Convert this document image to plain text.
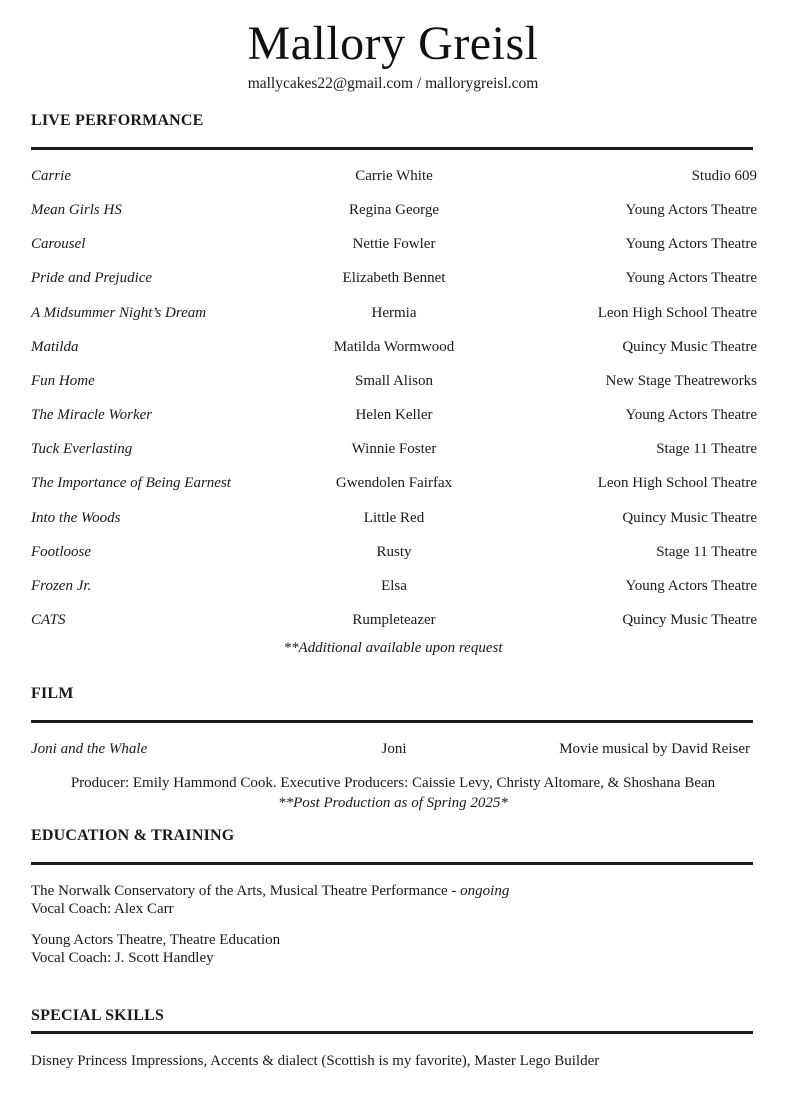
Mallory Greisl
mallycakes22@gmail.com / mallorygreisl.com
LIVE PERFORMANCE
Carrie	Carrie White	Studio 609
Mean Girls HS	Regina George	Young Actors Theatre
Carousel	Nettie Fowler	Young Actors Theatre
Pride and Prejudice	Elizabeth Bennet	Young Actors Theatre
A Midsummer Night’s Dream	Hermia	Leon High School Theatre
Matilda	Matilda Wormwood	Quincy Music Theatre
Fun Home	Small Alison	New Stage Theatreworks
The Miracle Worker	Helen Keller	Young Actors Theatre
Tuck Everlasting	Winnie Foster	Stage 11 Theatre
The Importance of Being Earnest	Gwendolen Fairfax	Leon High School Theatre
Into the Woods	Little Red	Quincy Music Theatre
Footloose	Rusty	Stage 11 Theatre
Frozen Jr.	Elsa	Young Actors Theatre
CATS	Rumpleteazer	Quincy Music Theatre
**Additional available upon request
FILM
Joni and the Whale	Joni	Movie musical by David Reiser
Producer: Emily Hammond Cook. Executive Producers: Caissie Levy, Christy Altomare, & Shoshana Bean
**Post Production as of Spring 2025*
EDUCATION & TRAINING
The Norwalk Conservatory of the Arts, Musical Theatre Performance - ongoing
Vocal Coach: Alex Carr
Young Actors Theatre, Theatre Education
Vocal Coach: J. Scott Handley
SPECIAL SKILLS
Disney Princess Impressions, Accents & dialect (Scottish is my favorite), Master Lego Builder
